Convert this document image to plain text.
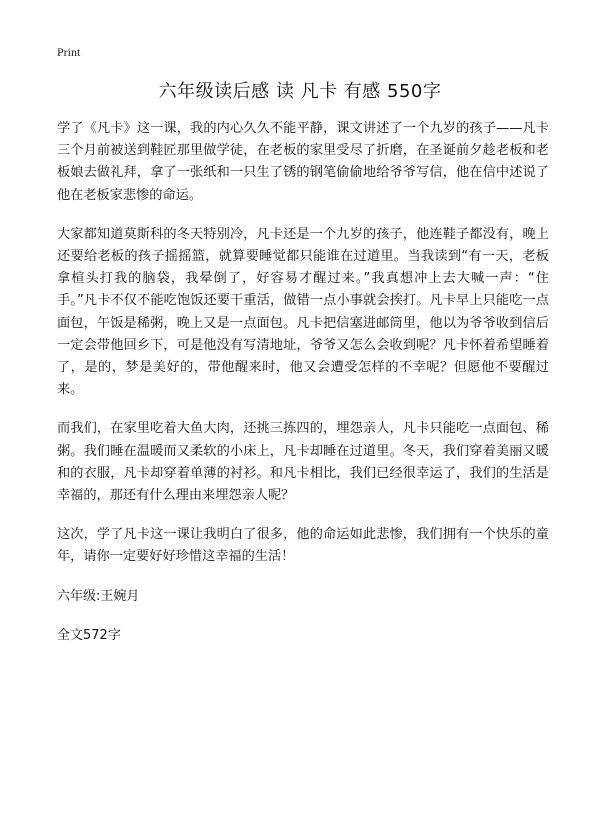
Print
六年级读后感 读 凡卡 有感 550字

学了《凡卡》这一课，我的内心久久不能平静，课文讲述了一个九岁的孩子——凡卡三个月前被送到鞋匠那里做学徒，在老板的家里受尽了折磨，在圣诞前夕趁老板和老板娘去做礼拜，拿了一张纸和一只生了锈的钢笔偷偷地给爷爷写信，他在信中述说了他在老板家悲惨的命运。

大家都知道莫斯科的冬天特别冷，凡卡还是一个九岁的孩子，他连鞋子都没有，晚上还要给老板的孩子摇摇篮，就算要睡觉都只能谁在过道里。当我读到“有一天，老板拿楦头打我的脑袋，我晕倒了，好容易才醒过来。”我真想冲上去大喊一声：“住手。”凡卡不仅不能吃饱饭还要干重活，做错一点小事就会挨打。凡卡早上只能吃一点面包，午饭是稀粥，晚上又是一点面包。凡卡把信塞进邮筒里，他以为爷爷收到信后一定会带他回乡下，可是他没有写清地址，爷爷又怎么会收到呢？凡卡怀着希望睡着了，是的，梦是美好的，带他醒来时，他又会遭受怎样的不幸呢？但愿他不要醒过来。

而我们，在家里吃着大鱼大肉，还挑三拣四的，埋怨亲人，凡卡只能吃一点面包、稀粥。我们睡在温暖而又柔软的小床上，凡卡却睡在过道里。冬天，我们穿着美丽又暖和的衣服，凡卡却穿着单薄的衬衫。和凡卡相比，我们已经很幸运了，我们的生活是幸福的，那还有什么理由来埋怨亲人呢？

这次，学了凡卡这一课让我明白了很多，他的命运如此悲惨，我们拥有一个快乐的童年，请你一定要好好珍惜这幸福的生活！

六年级:王婉月
全文572字
